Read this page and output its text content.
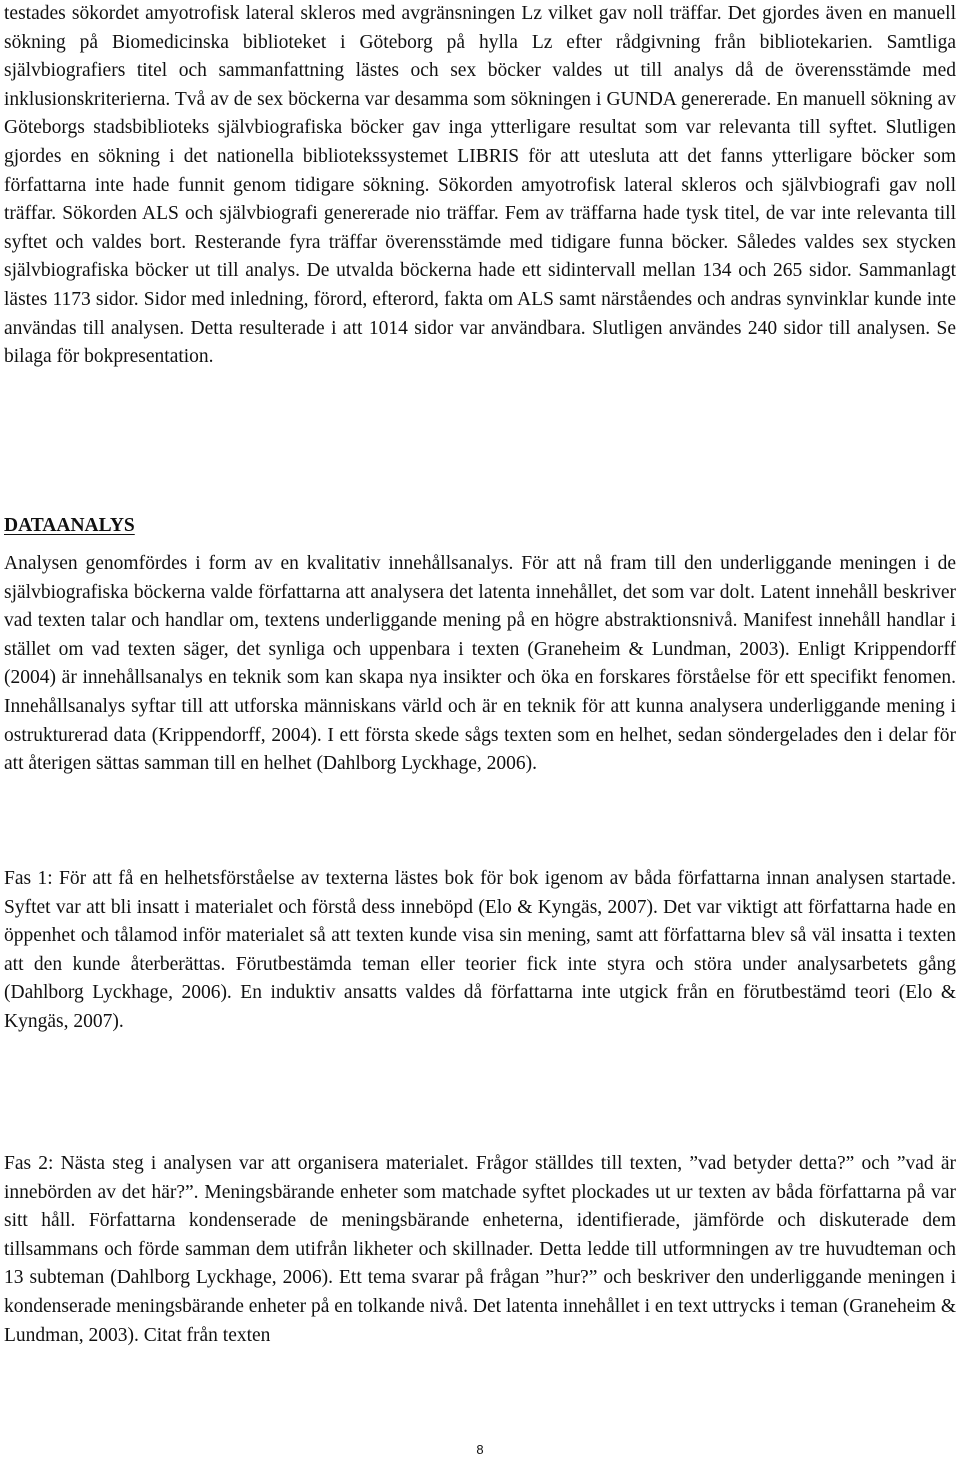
testades sökordet amyotrofisk lateral skleros med avgränsningen Lz vilket gav noll träffar. Det gjordes även en manuell sökning på Biomedicinska biblioteket i Göteborg på hylla Lz efter rådgivning från bibliotekarien. Samtliga självbiografiers titel och sammanfattning lästes och sex böcker valdes ut till analys då de överensstämde med inklusionskriterierna. Två av de sex böckerna var desamma som sökningen i GUNDA genererade. En manuell sökning av Göteborgs stadsbiblioteks självbiografiska böcker gav inga ytterligare resultat som var relevanta till syftet. Slutligen gjordes en sökning i det nationella bibliotekssystemet LIBRIS för att utesluta att det fanns ytterligare böcker som författarna inte hade funnit genom tidigare sökning. Sökorden amyotrofisk lateral skleros och självbiografi gav noll träffar. Sökorden ALS och självbiografi genererade nio träffar. Fem av träffarna hade tysk titel, de var inte relevanta till syftet och valdes bort. Resterande fyra träffar överensstämde med tidigare funna böcker. Således valdes sex stycken självbiografiska böcker ut till analys. De utvalda böckerna hade ett sidintervall mellan 134 och 265 sidor. Sammanlagt lästes 1173 sidor. Sidor med inledning, förord, efterord, fakta om ALS samt närståendes och andras synvinklar kunde inte användas till analysen. Detta resulterade i att 1014 sidor var användbara. Slutligen användes 240 sidor till analysen. Se bilaga för bokpresentation.

DATAANALYS

Analysen genomfördes i form av en kvalitativ innehållsanalys. För att nå fram till den underliggande meningen i de självbiografiska böckerna valde författarna att analysera det latenta innehållet, det som var dolt. Latent innehåll beskriver vad texten talar och handlar om, textens underliggande mening på en högre abstraktionsnivå. Manifest innehåll handlar i stället om vad texten säger, det synliga och uppenbara i texten (Graneheim & Lundman, 2003). Enligt Krippendorff (2004) är innehållsanalys en teknik som kan skapa nya insikter och öka en forskares förståelse för ett specifikt fenomen. Innehållsanalys syftar till att utforska människans värld och är en teknik för att kunna analysera underliggande mening i ostrukturerad data (Krippendorff, 2004). I ett första skede sågs texten som en helhet, sedan söndergelades den i delar för att återigen sättas samman till en helhet (Dahlborg Lyckhage, 2006).

Fas 1: För att få en helhetsförståelse av texterna lästes bok för bok igenom av båda författarna innan analysen startade. Syftet var att bli insatt i materialet och förstå dess inneböрd (Elo & Kyngäs, 2007). Det var viktigt att författarna hade en öppenhet och tålamod inför materialet så att texten kunde visa sin mening, samt att författarna blev så väl insatta i texten att den kunde återberättas. Förutbestämda teman eller teorier fick inte styra och störa under analysarbetets gång (Dahlborg Lyckhage, 2006). En induktiv ansatts valdes då författarna inte utgick från en förutbestämd teori (Elo & Kyngäs, 2007).

Fas 2: Nästa steg i analysen var att organisera materialet. Frågor ställdes till texten, ”vad betyder detta?” och ”vad är innebörden av det här?”. Meningsbärande enheter som matchade syftet plockades ut ur texten av båda författarna på var sitt håll. Författarna kondenserade de meningsbärande enheterna, identifierade, jämförde och diskuterade dem tillsammans och förde samman dem utifrån likheter och skillnader. Detta ledde till utformningen av tre huvudteman och 13 subteman (Dahlborg Lyckhage, 2006). Ett tema svarar på frågan ”hur?” och beskriver den underliggande meningen i kondenserade meningsbärande enheter på en tolkande nivå. Det latenta innehållet i en text uttrycks i teman (Graneheim & Lundman, 2003). Citat från texten

8
